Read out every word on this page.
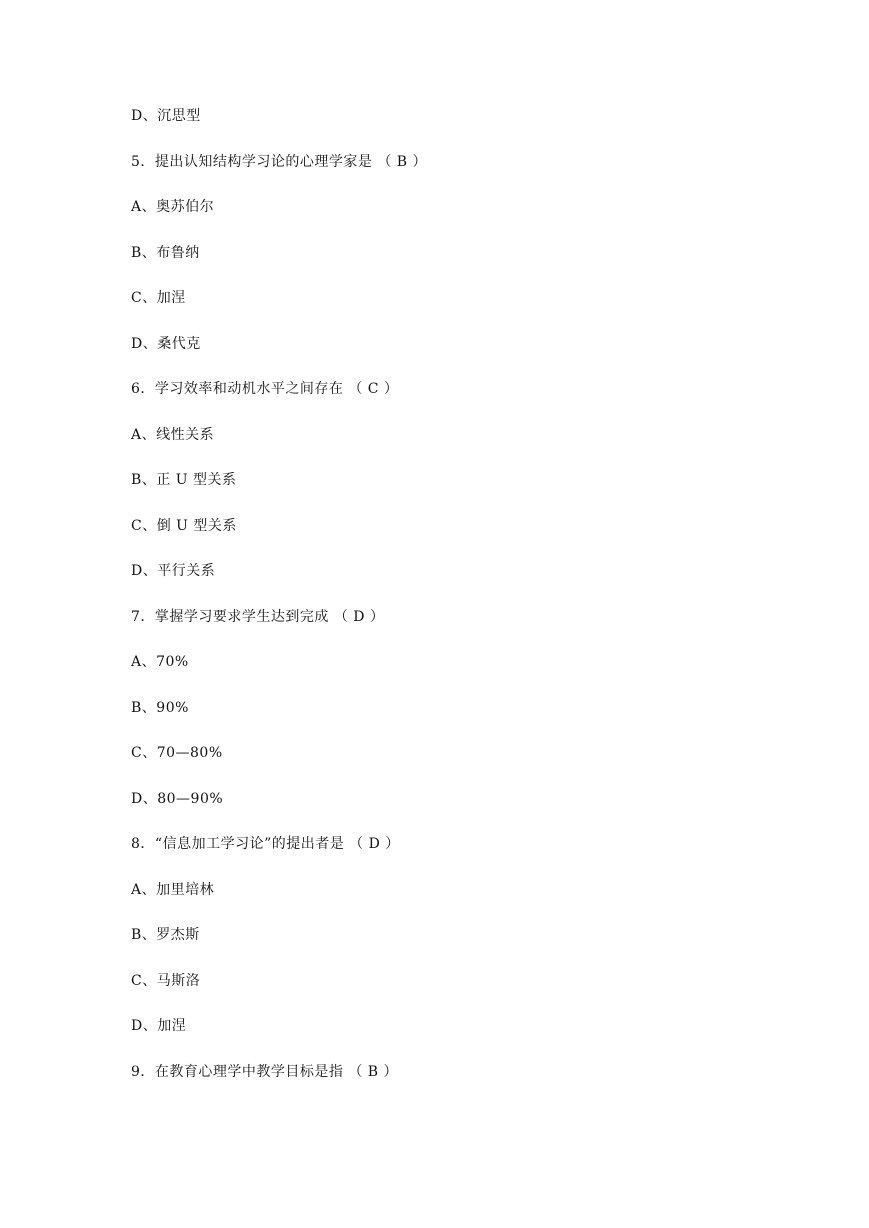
D、沉思型
5．提出认知结构学习论的心理学家是 （ B ）
A、奥苏伯尔
B、布鲁纳
C、加涅
D、桑代克
6．学习效率和动机水平之间存在 （ C ）
A、线性关系
B、正 U 型关系
C、倒 U 型关系
D、平行关系
7．掌握学习要求学生达到完成 （ D ）
A、70%
B、90%
C、70—80%
D、80—90%
8．“信息加工学习论”的提出者是 （ D ）
A、加里培林
B、罗杰斯
C、马斯洛
D、加涅
9．在教育心理学中教学目标是指 （ B ）
